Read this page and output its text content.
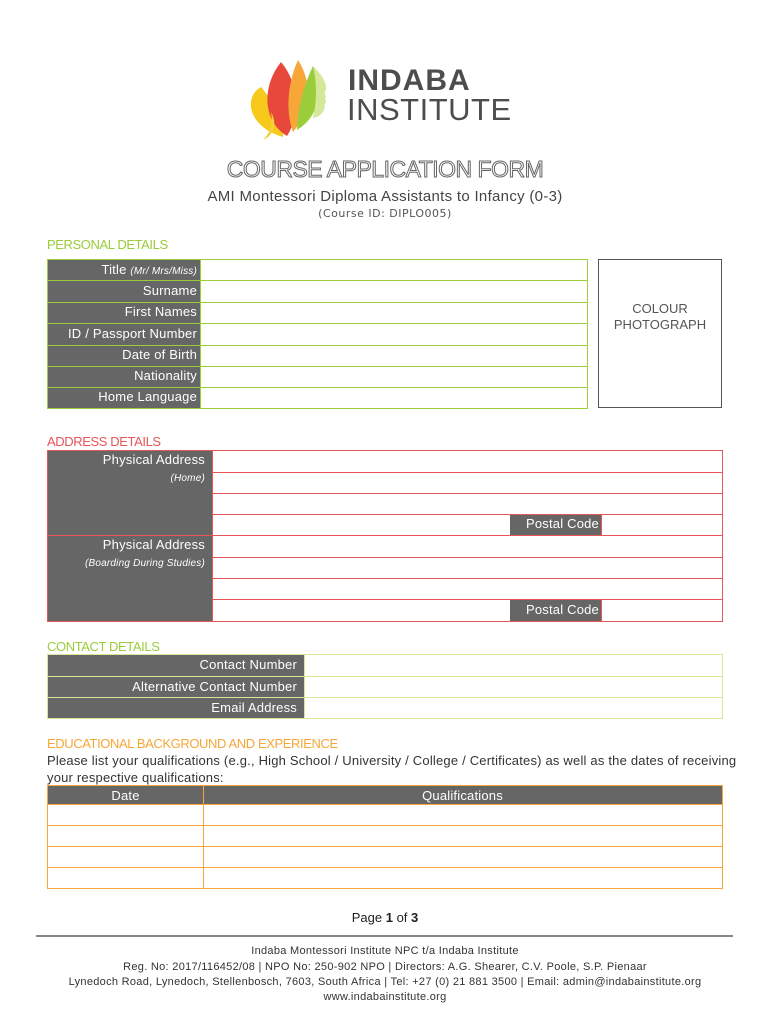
INDABA
INSTITUTE
COURSE APPLICATION FORM
AMI Montessori Diploma Assistants to Infancy (0-3)
(Course ID: DIPLO005)
PERSONAL DETAILS
Title (Mr/ Mrs/Miss)
Surname
First Names
ID / Passport Number
Date of Birth
Nationality
Home Language
COLOUR
PHOTOGRAPH
ADDRESS DETAILS
Physical Address
(Home)
Physical Address
(Boarding During Studies)
Postal Code
Postal Code
CONTACT DETAILS
Contact Number
Alternative Contact Number
Email Address
EDUCATIONAL BACKGROUND AND EXPERIENCE
Please list your qualifications (e.g., High School / University / College / Certificates) as well as the dates of receiving your respective qualifications:
Date	Qualifications
Page 1 of 3
Indaba Montessori Institute NPC t/a Indaba Institute
Reg. No: 2017/116452/08 | NPO No: 250-902 NPO | Directors: A.G. Shearer, C.V. Poole, S.P. Pienaar
Lynedoch Road, Lynedoch, Stellenbosch, 7603, South Africa | Tel: +27 (0) 21 881 3500 | Email: admin@indabainstitute.org
www.indabainstitute.org
